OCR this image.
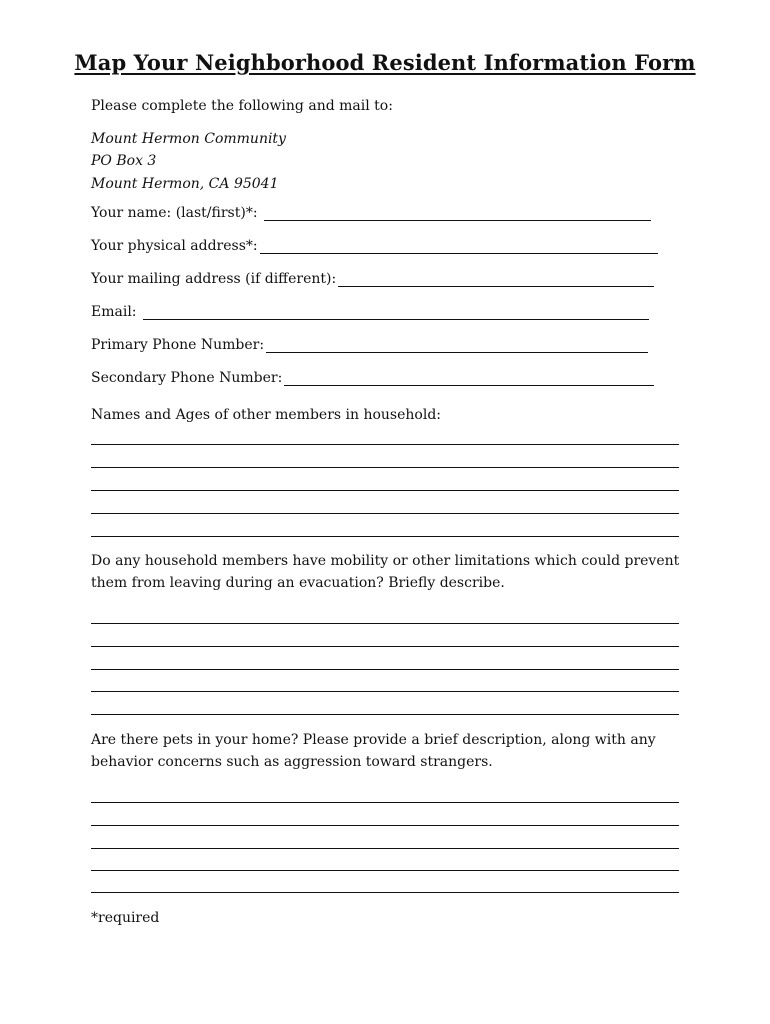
Map Your Neighborhood Resident Information Form
Please complete the following and mail to:
Mount Hermon Community
PO Box 3
Mount Hermon, CA 95041
Your name: (last/first)*:
Your physical address*:
Your mailing address (if different):
Email:
Primary Phone Number:
Secondary Phone Number:
Names and Ages of other members in household:
Do any household members have mobility or other limitations which could prevent them from leaving during an evacuation? Briefly describe.
Are there pets in your home? Please provide a brief description, along with any behavior concerns such as aggression toward strangers.
*required
